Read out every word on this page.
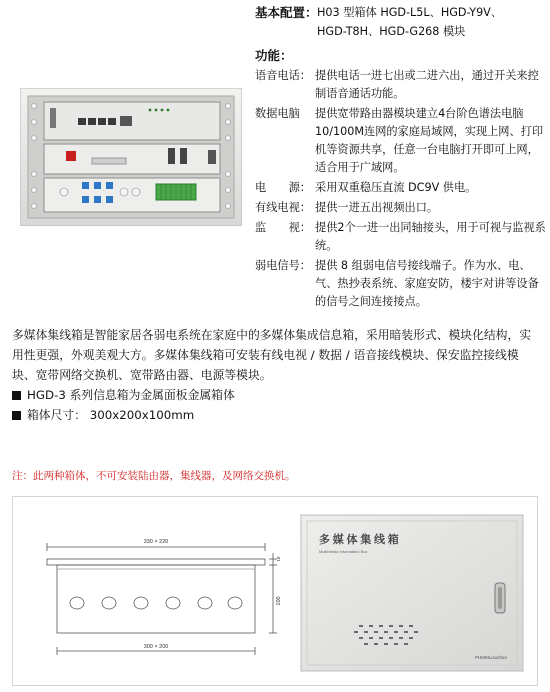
基本配置： H03 型箱体 HGD-L5L、HGD-Y9V、
HGD-T8H、HGD-G268 模块
功能：
语音电话： 提供电话一进七出或二进六出，通过开关来控制语音通话功能。
数据电脑	提供宽带路由器模块建立4台阶色谱法电脑10/100M连网的家庭局域网，实现上网、打印机等资源共享，任意一台电脑打开即可上网，适合用于广域网。
电　　源： 采用双重稳压直流 DC9V 供电。
有线电视： 提供一进五出视频出口。
监　　视： 提供2个一进一出同轴接头，用于可视与监视系统。
弱电信号： 提供 8 组弱电信号接线端子。作为水、电、气、热抄表系统、家庭安防，楼宇对讲等设备的信号之间连接接点。
多媒体集线箱是智能家居各弱电系统在家庭中的多媒体集成信息箱，采用暗装形式、模块化结构，实用性更强，外观美观大方。多媒体集线箱可安装有线电视 / 数据 / 语音接线模块、保安监控接线模块、宽带网络交换机、宽带路由器、电源等模块。
HGD-3 系列信息箱为金属面板金属箱体
箱体尺寸： 300x200x100mm
注：此两种箱体，不可安装陆由器，集线器，及网络交换机。
330 × 220
300 × 200
100
18
多 媒 体 集 线 箱
Multimedia Information Box
PHMMLiaozhen
